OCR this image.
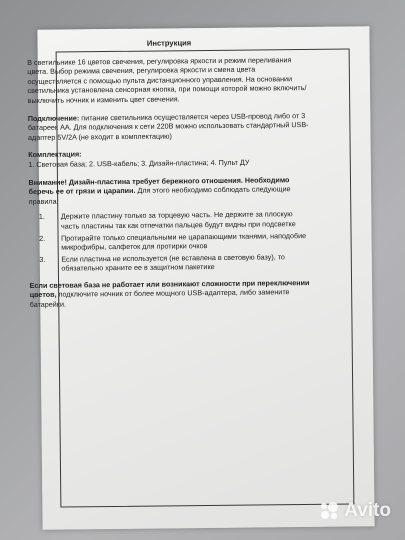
Инструкция

В светильнике 16 цветов свечения, регулировка яркости и режим переливания цвета. Выбор режима свечения, регулировка яркости и смена цвета осуществляется с помощью пульта дистанционного управления. На основании светильника установлена сенсорная кнопка, при помощи которой можно включить/выключить ночник и изменить цвет свечения.

Подключение: питание светильника осуществляется через USB-провод либо от 3 батареек АА. Для подключения к сети 220В можно использовать стандартный USB-адаптер 5V/2A (не входит в комплектацию)

Комплектация:
1. Световая база; 2. USB-кабель; 3. Дизайн-пластина; 4. Пульт ДУ

Внимание! Дизайн-пластина требует бережного отношения. Необходимо беречь ее от грязи и царапин. Для этого необходимо соблюдать следующие правила:

1. Держите пластину только за торцевую часть. Не держите за плоскую часть пластины так как отпечатки пальцев будут видны при подсветке
2. Протирайте только специальными не царапающими тканями, наподобие микрофибры, салфеток для протирки очков
3. Если пластина не используется (не вставлена в световую базу), то обязательно храните ее в защитном пакетике

Если световая база не работает или возникают сложности при переключении цветов, подключите ночник от более мощного USB-адаптера, либо замените батарейки.

Avito
